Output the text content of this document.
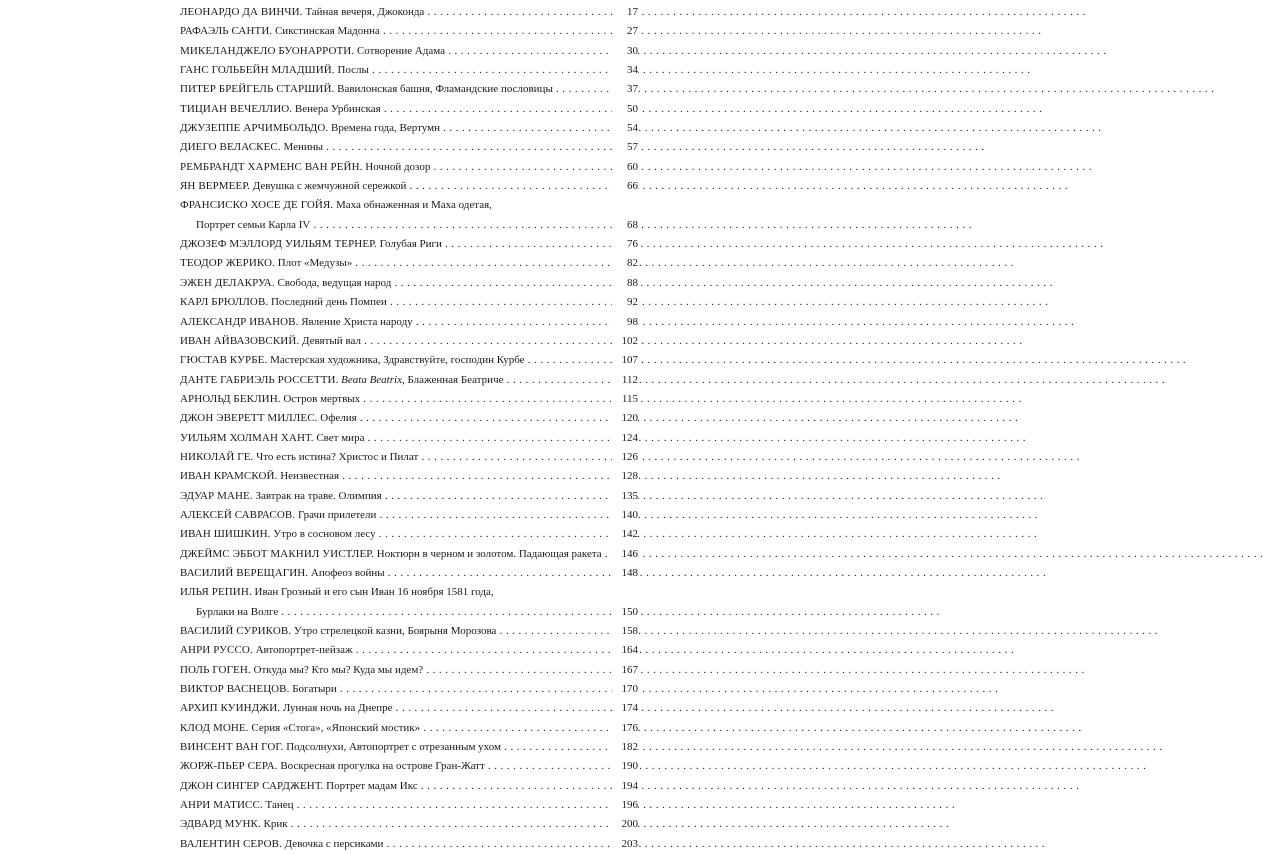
ЛЕОНАРДО ДА ВИНЧИ. Тайная вечеря, Джоконда . . .	17
РАФАЭЛЬ САНТИ. Сикстинская Мадонна . . .	27
МИКЕЛАНДЖЕЛО БУОНАРРОТИ. Сотворение Адама . . .	30
ГАНС ГОЛЬБЕЙН МЛАДШИЙ. Послы . . .	34
ПИТЕР БРЕЙГЕЛЬ СТАРШИЙ. Вавилонская башня, Фламандские пословицы . . .	37
ТИЦИАН ВЕЧЕЛЛИО. Венера Урбинская . . .	50
ДЖУЗЕППЕ АРЧИМБОЛЬДО. Времена года, Вертумн . . .	54
ДИЕГО ВЕЛАСКЕС. Менины . . .	57
РЕМБРАНДТ ХАРМЕНС ВАН РЕЙН. Ночной дозор . . .	60
ЯН ВЕРМЕЕР. Девушка с жемчужной сережкой . . .	66
ФРАНСИСКО ХОСЕ ДЕ ГОЙЯ. Маха обнаженная и Маха одетая,
Портрет семьи Карла IV . . .	68
ДЖОЗЕФ МЭЛЛОРД УИЛЬЯМ ТЕРНЕР. Голубая Риги . . .	76
ТЕОДОР ЖЕРИКО. Плот «Медузы» . . .	82
ЭЖЕН ДЕЛАКРУА. Свобода, ведущая народ . . .	88
КАРЛ БРЮЛЛОВ. Последний день Помпеи . . .	92
АЛЕКСАНДР ИВАНОВ. Явление Христа народу . . .	98
ИВАН АЙВАЗОВСКИЙ. Девятый вал . . .	102
ГЮСТАВ КУРБЕ. Мастерская художника, Здравствуйте, господин Курбе . . .	107
ДАНТЕ ГАБРИЭЛЬ РОССЕТТИ. Beata Beatrix, Блаженная Беатриче . . .	112
АРНОЛЬД БЕКЛИН. Остров мертвых . . .	115
ДЖОН ЭВЕРЕТТ МИЛЛЕС. Офелия . . .	120
УИЛЬЯМ ХОЛМАН ХАНТ. Свет мира . . .	124
НИКОЛАЙ ГЕ. Что есть истина? Христос и Пилат . . .	126
ИВАН КРАМСКОЙ. Неизвестная . . .	128
ЭДУАР МАНЕ. Завтрак на траве. Олимпия . . .	135
АЛЕКСЕЙ САВРАСОВ. Грачи прилетели . . .	140
ИВАН ШИШКИН. Утро в сосновом лесу . . .	142
ДЖЕЙМС ЭББОТ МАКНИЛ УИСТЛЕР. Ноктюрн в черном и золотом. Падающая ракета . . .	146
ВАСИЛИЙ ВЕРЕЩАГИН. Апофеоз войны . . .	148
ИЛЬЯ РЕПИН. Иван Грозный и его сын Иван 16 ноября 1581 года,
Бурлаки на Волге . . .	150
ВАСИЛИЙ СУРИКОВ. Утро стрелецкой казни, Боярыня Морозова . . .	158
АНРИ РУССО. Автопортрет-пейзаж . . .	164
ПОЛЬ ГОГЕН. Откуда мы? Кто мы? Куда мы идем? . . .	167
ВИКТОР ВАСНЕЦОВ. Богатыри . . .	170
АРХИП КУИНДЖИ. Лунная ночь на Днепре . . .	174
КЛОД МОНЕ. Серия «Стога», «Японский мостик» . . .	176
ВИНСЕНТ ВАН ГОГ. Подсолнухи, Автопортрет с отрезанным ухом . . .	182
ЖОРЖ-ПЬЕР СЕРА. Воскресная прогулка на острове Гран-Жатт . . .	190
ДЖОН СИНГЕР САРДЖЕНТ. Портрет мадам Икс . . .	194
АНРИ МАТИСС. Танец . . .	196
ЭДВАРД МУНК. Крик . . .	200
ВАЛЕНТИН СЕРОВ. Девочка с персиками . . .	203
